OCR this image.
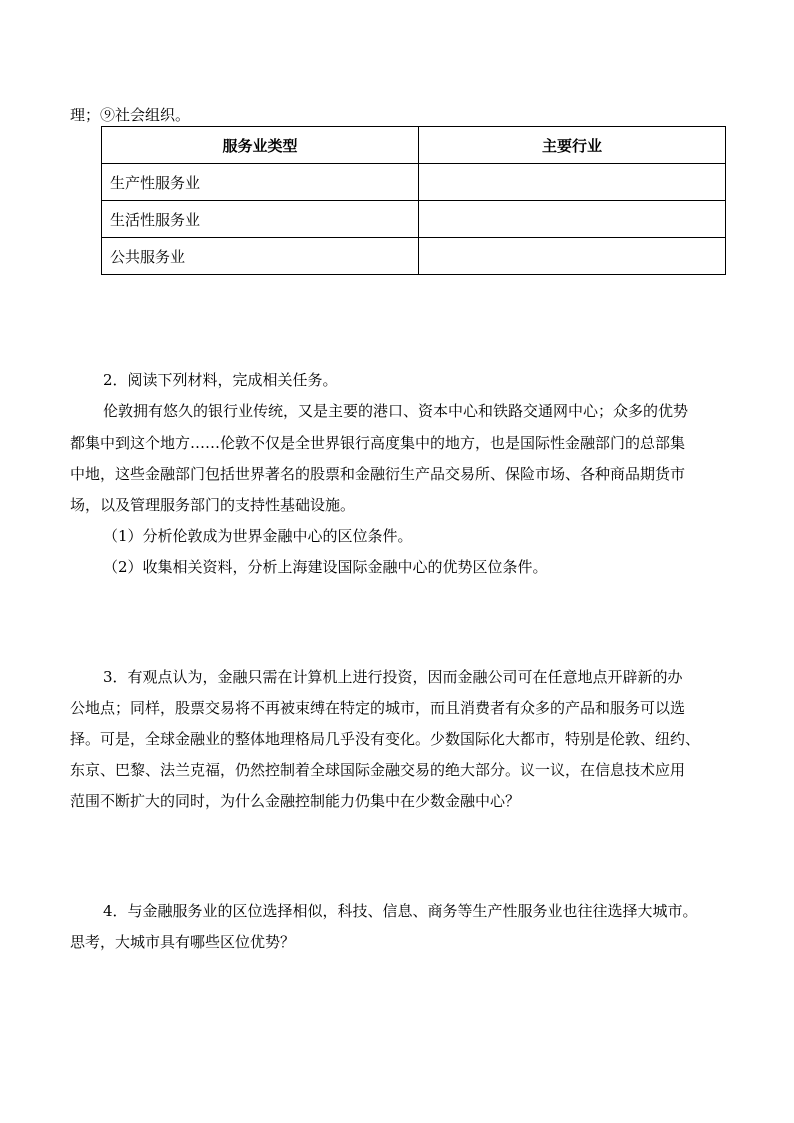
理；⑨社会组织。
服务业类型	主要行业
生产性服务业	
生活性服务业	
公共服务业	
2．阅读下列材料，完成相关任务。
伦敦拥有悠久的银行业传统，又是主要的港口、资本中心和铁路交通网中心；众多的优势
都集中到这个地方……伦敦不仅是全世界银行高度集中的地方，也是国际性金融部门的总部集
中地，这些金融部门包括世界著名的股票和金融衍生产品交易所、保险市场、各种商品期货市
场，以及管理服务部门的支持性基础设施。
（1）分析伦敦成为世界金融中心的区位条件。
（2）收集相关资料，分析上海建设国际金融中心的优势区位条件。
3．有观点认为，金融只需在计算机上进行投资，因而金融公司可在任意地点开辟新的办
公地点；同样，股票交易将不再被束缚在特定的城市，而且消费者有众多的产品和服务可以选
择。可是，全球金融业的整体地理格局几乎没有变化。少数国际化大都市，特别是伦敦、纽约、
东京、巴黎、法兰克福，仍然控制着全球国际金融交易的绝大部分。议一议，在信息技术应用
范围不断扩大的同时，为什么金融控制能力仍集中在少数金融中心？
4．与金融服务业的区位选择相似，科技、信息、商务等生产性服务业也往往选择大城市。
思考，大城市具有哪些区位优势？
